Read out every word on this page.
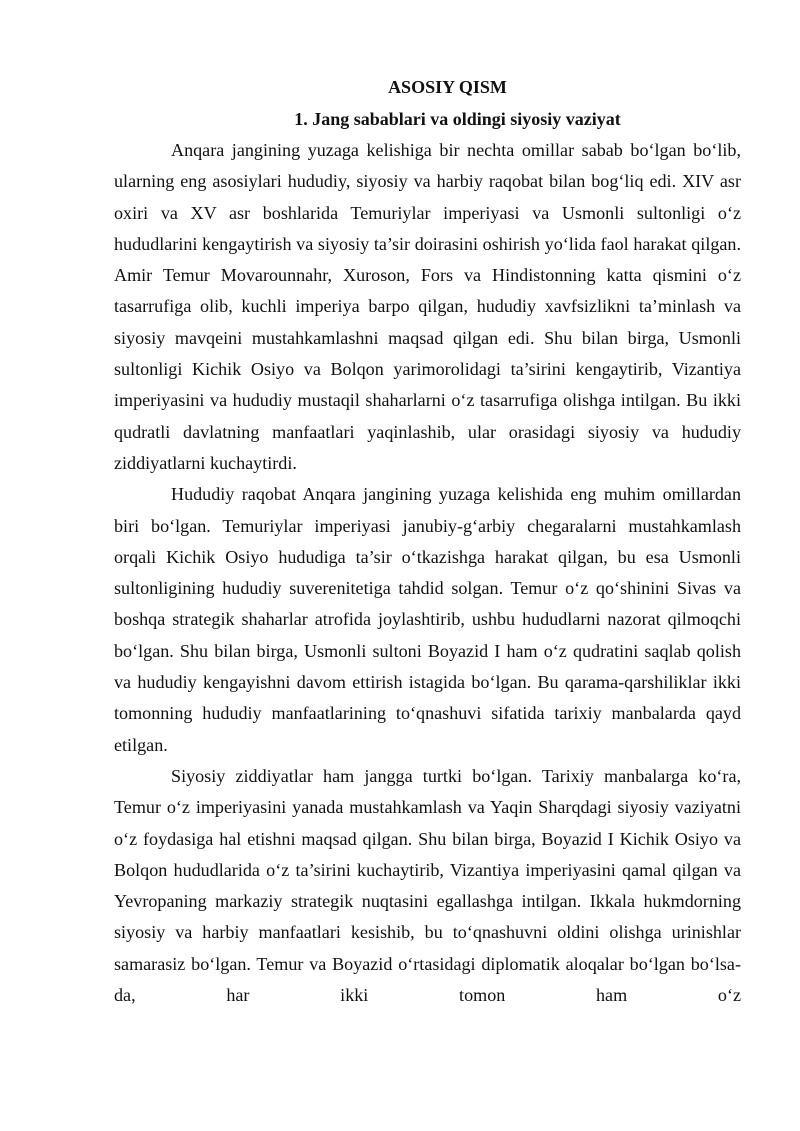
ASOSIY QISM

1. Jang sabablari va oldingi siyosiy vaziyat

Anqara jangining yuzaga kelishiga bir nechta omillar sabab bo‘lgan bo‘lib, ularning eng asosiylari hududiy, siyosiy va harbiy raqobat bilan bog‘liq edi. XIV asr oxiri va XV asr boshlarida Temuriylar imperiyasi va Usmonli sultonligi o‘z hududlarini kengaytirish va siyosiy ta’sir doirasini oshirish yo‘lida faol harakat qilgan. Amir Temur Movarounnahr, Xuroson, Fors va Hindistonning katta qismini o‘z tasarrufiga olib, kuchli imperiya barpo qilgan, hududiy xavfsizlikni ta’minlash va siyosiy mavqeini mustahkamlashni maqsad qilgan edi. Shu bilan birga, Usmonli sultonligi Kichik Osiyo va Bolqon yarimorolidagi ta’sirini kengaytirib, Vizantiya imperiyasini va hududiy mustaqil shaharlarni o‘z tasarrufiga olishga intilgan. Bu ikki qudratli davlatning manfaatlari yaqinlashib, ular orasidagi siyosiy va hududiy ziddiyatlarni kuchaytirdi.

Hududiy raqobat Anqara jangining yuzaga kelishida eng muhim omillardan biri bo‘lgan. Temuriylar imperiyasi janubiy-g‘arbiy chegaralarni mustahkamlash orqali Kichik Osiyo hududiga ta’sir o‘tkazishga harakat qilgan, bu esa Usmonli sultonligining hududiy suverenitetiga tahdid solgan. Temur o‘z qo‘shinini Sivas va boshqa strategik shaharlar atrofida joylashtirib, ushbu hududlarni nazorat qilmoqchi bo‘lgan. Shu bilan birga, Usmonli sultoni Boyazid I ham o‘z qudratini saqlab qolish va hududiy kengayishni davom ettirish istagida bo‘lgan. Bu qarama-qarshiliklar ikki tomonning hududiy manfaatlarining to‘qnashuvi sifatida tarixiy manbalarda qayd etilgan.

Siyosiy ziddiyatlar ham jangga turtki bo‘lgan. Tarixiy manbalarga ko‘ra, Temur o‘z imperiyasini yanada mustahkamlash va Yaqin Sharqdagi siyosiy vaziyatni o‘z foydasiga hal etishni maqsad qilgan. Shu bilan birga, Boyazid I Kichik Osiyo va Bolqon hududlarida o‘z ta’sirini kuchaytirib, Vizantiya imperiyasini qamal qilgan va Yevropaning markaziy strategik nuqtasini egallashga intilgan. Ikkala hukmdorning siyosiy va harbiy manfaatlari kesishib, bu to‘qnashuvni oldini olishga urinishlar samarasiz bo‘lgan. Temur va Boyazid o‘rtasidagi diplomatik aloqalar bo‘lgan bo‘lsa-da, har ikki tomon ham o‘z
